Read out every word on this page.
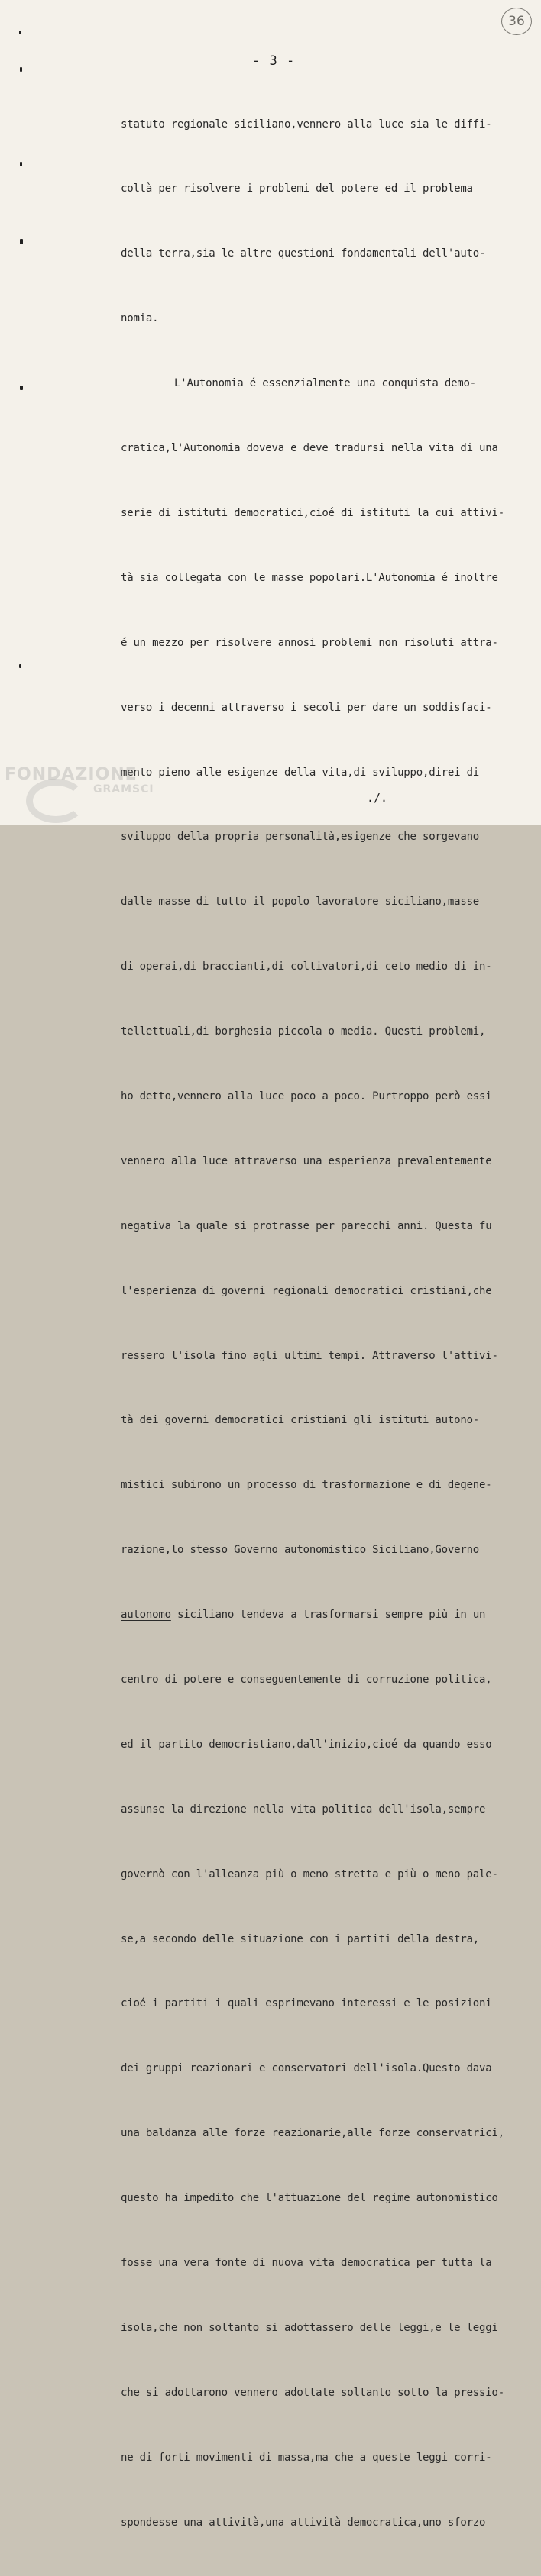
36
- 3 -

statuto regionale siciliano,vennero alla luce sia le diffi-

coltà per risolvere i problemi del potere ed il problema

della terra,sia le altre questioni fondamentali dell'auto-

nomia.

L'Autonomia é essenzialmente una conquista demo-

cratica,l'Autonomia doveva e deve tradursi nella vita di una

serie di istituti democratici,cioé di istituti la cui attivi-

tà sia collegata con le masse popolari.L'Autonomia é inoltre

é un mezzo per risolvere annosi problemi non risoluti attra-

verso i decenni attraverso i secoli per dare un soddisfaci-

mento pieno alle esigenze della vita,di sviluppo,direi di

sviluppo della propria personalità,esigenze che sorgevano

dalle masse di tutto il popolo lavoratore siciliano,masse

di operai,di braccianti,di coltivatori,di ceto medio di in-

tellettuali,di borghesia piccola o media. Questi problemi,

ho detto,vennero alla luce poco a poco. Purtroppo però essi

vennero alla luce attraverso una esperienza prevalentemente

negativa la quale si protrasse per parecchi anni. Questa fu

l'esperienza di governi regionali democratici cristiani,che

ressero l'isola fino agli ultimi tempi. Attraverso l'attivi-

tà dei governi democratici cristiani gli istituti autono-

mistici subirono un processo di trasformazione e di degene-

razione,lo stesso Governo autonomistico Siciliano,Governo

autonomo siciliano tendeva a trasformarsi sempre più in un

centro di potere e conseguentemente di corruzione politica,

ed il partito democristiano,dall'inizio,cioé da quando esso

assunse la direzione nella vita politica dell'isola,sempre

governò con l'alleanza più o meno stretta e più o meno pale-

se,a secondo delle situazione con i partiti della destra,

cioé i partiti i quali esprimevano interessi e le posizioni

dei gruppi reazionari e conservatori dell'isola.Questo dava

una baldanza alle forze reazionarie,alle forze conservatrici,

questo ha impedito che l'attuazione del regime autonomistico

fosse una vera fonte di nuova vita democratica per tutta la

isola,che non soltanto si adottassero delle leggi,e le leggi

che si adottarono vennero adottate soltanto sotto la pressio-

ne di forti movimenti di massa,ma che a queste leggi corri-

spondesse una attività,una attività democratica,uno sforzo

./.
FONDAZIONE
GRAMSCI
